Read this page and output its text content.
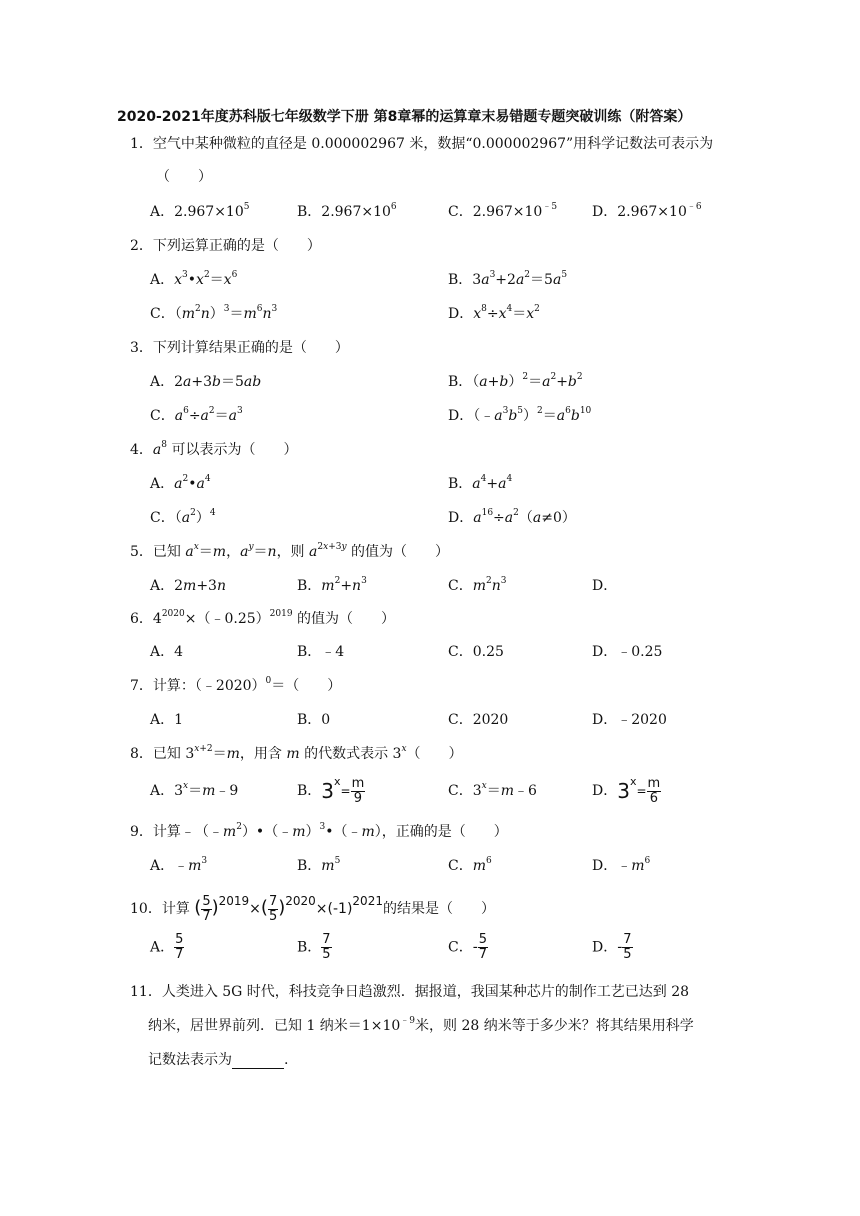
2020-2021年度苏科版七年级数学下册 第8章幂的运算章末易错题专题突破训练（附答案）
1．空气中某种微粒的直径是 0.000002967 米，数据“0.000002967”用科学记数法可表示为
（　　）
A．$2.967\times 10^5$	B．$2.967\times 10^6$	C．$2.967\times 10^{﹣5}$ D．$2.967\times 10^{﹣6}$
2．下列运算正确的是（　　）
A．$x^3•x^2=x^6$	B．$3a^3+2a^2=5a^5$
C．$(m^2n)^3=m^6n^3$	D．$x^8\div x^4=x^2$
3．下列计算结果正确的是（　　）
A．2a+3b＝5ab	B．$(a+b)^2=a^2+b^2$
C．$a^6\div a^2=a^3$	D．$(﹣a^3b^5)^2=a^6b^{10}$
4．$a^8$ 可以表示为（　　）
A．$a^2•a^4$	B．$a^4+a^4$
C．$(a^2)^4$	D．$a^{16}\div a^2(a\ne 0)$
5．已知 $a^x=m$，$a^y=n$，则 $a^{2x+3y}$ 的值为（　　）
A．2m+3n	B．$m^2+n^3$	C．$m^2n^3$	D．
6．$4^{2020}\times(﹣0.25)^{2019}$ 的值为（　　）
A．4	B．﹣4	C．0.25	D．﹣0.25
7．计算：（﹣2020）$^0$＝（　　）
A．1	B．0	C．2020	D．﹣2020
8．已知 $3^{x+2}=m$，用含 m 的代数式表示 3$^x$（　　）
A．$3^x=m﹣9$	B．$3^x= \frac{m}{9}$	C．$3^x=m﹣6$	D．$3^x= \frac{m}{6}$
9．计算$﹣(﹣m^2)•(﹣m)^3•(﹣m)$，正确的是（　　）
A．$﹣m^3$	B．$m^5$	C．$m^6$	D．$﹣m^6$
10．计算 ( $\frac{5}{7} )2019\times( \frac{7}{5} )2020\times(-1)2021$的结果是（　　）
A． $\frac{5}{7}$	B． $\frac{7}{5}$	C．- $\frac{5}{7}$	D．- $\frac{7}{5}$
11．人类进入 5G 时代，科技竞争日趋激烈．据报道，我国某种芯片的制作工艺已达到 28
纳米，居世界前列．已知 1 纳米$=1\times 10^{﹣9}$米，则 28 纳米等于多少米？将其结果用科学
记数法表示为	.
